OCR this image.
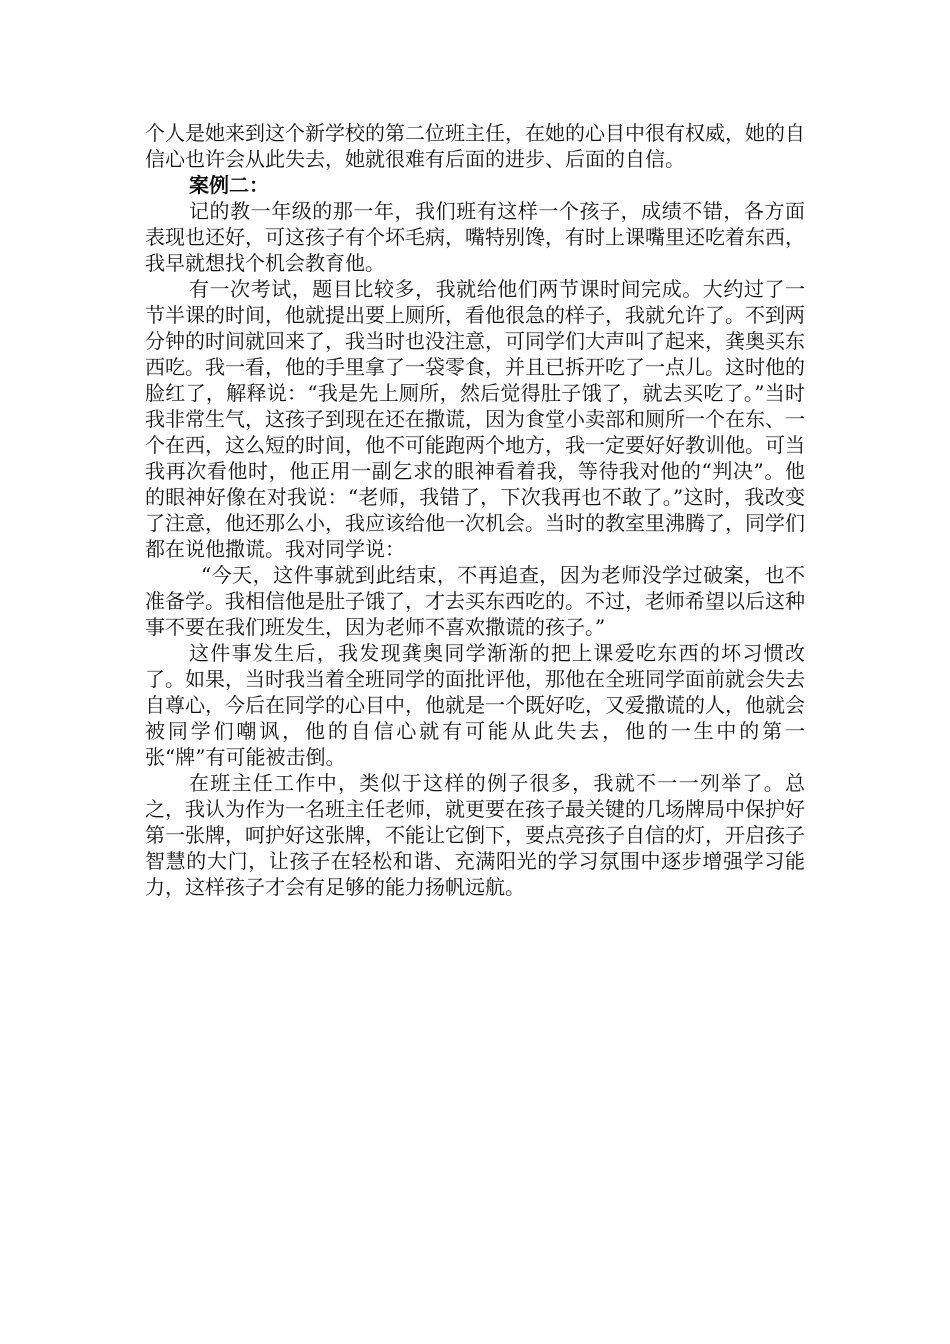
个人是她来到这个新学校的第二位班主任，在她的心目中很有权威，她的自信心也许会从此失去，她就很难有后面的进步、后面的自信。

案例二：

记的教一年级的那一年，我们班有这样一个孩子，成绩不错，各方面表现也还好，可这孩子有个坏毛病，嘴特别馋，有时上课嘴里还吃着东西，我早就想找个机会教育他。

有一次考试，题目比较多，我就给他们两节课时间完成。大约过了一节半课的时间，他就提出要上厕所，看他很急的样子，我就允许了。不到两分钟的时间就回来了，我当时也没注意，可同学们大声叫了起来，龚奥买东西吃。我一看，他的手里拿了一袋零食，并且已拆开吃了一点儿。这时他的脸红了，解释说：“我是先上厕所，然后觉得肚子饿了，就去买吃了。”当时我非常生气，这孩子到现在还在撒谎，因为食堂小卖部和厕所一个在东、一个在西，这么短的时间，他不可能跑两个地方，我一定要好好教训他。可当我再次看他时，他正用一副乞求的眼神看着我，等待我对他的“判决”。他的眼神好像在对我说：“老师，我错了，下次我再也不敢了。”这时，我改变了注意，他还那么小，我应该给他一次机会。当时的教室里沸腾了，同学们都在说他撒谎。我对同学说：

“今天，这件事就到此结束，不再追查，因为老师没学过破案，也不准备学。我相信他是肚子饿了，才去买东西吃的。不过，老师希望以后这种事不要在我们班发生，因为老师不喜欢撒谎的孩子。”

这件事发生后，我发现龚奥同学渐渐的把上课爱吃东西的坏习惯改了。如果，当时我当着全班同学的面批评他，那他在全班同学面前就会失去自尊心，今后在同学的心目中，他就是一个既好吃，又爱撒谎的人，他就会被同学们嘲讽，他的自信心就有可能从此失去，他的一生中的第一张“牌”有可能被击倒。

在班主任工作中，类似于这样的例子很多，我就不一一列举了。总之，我认为作为一名班主任老师，就更要在孩子最关键的几场牌局中保护好第一张牌，呵护好这张牌，不能让它倒下，要点亮孩子自信的灯，开启孩子智慧的大门，让孩子在轻松和谐、充满阳光的学习氛围中逐步增强学习能力，这样孩子才会有足够的能力扬帆远航。
